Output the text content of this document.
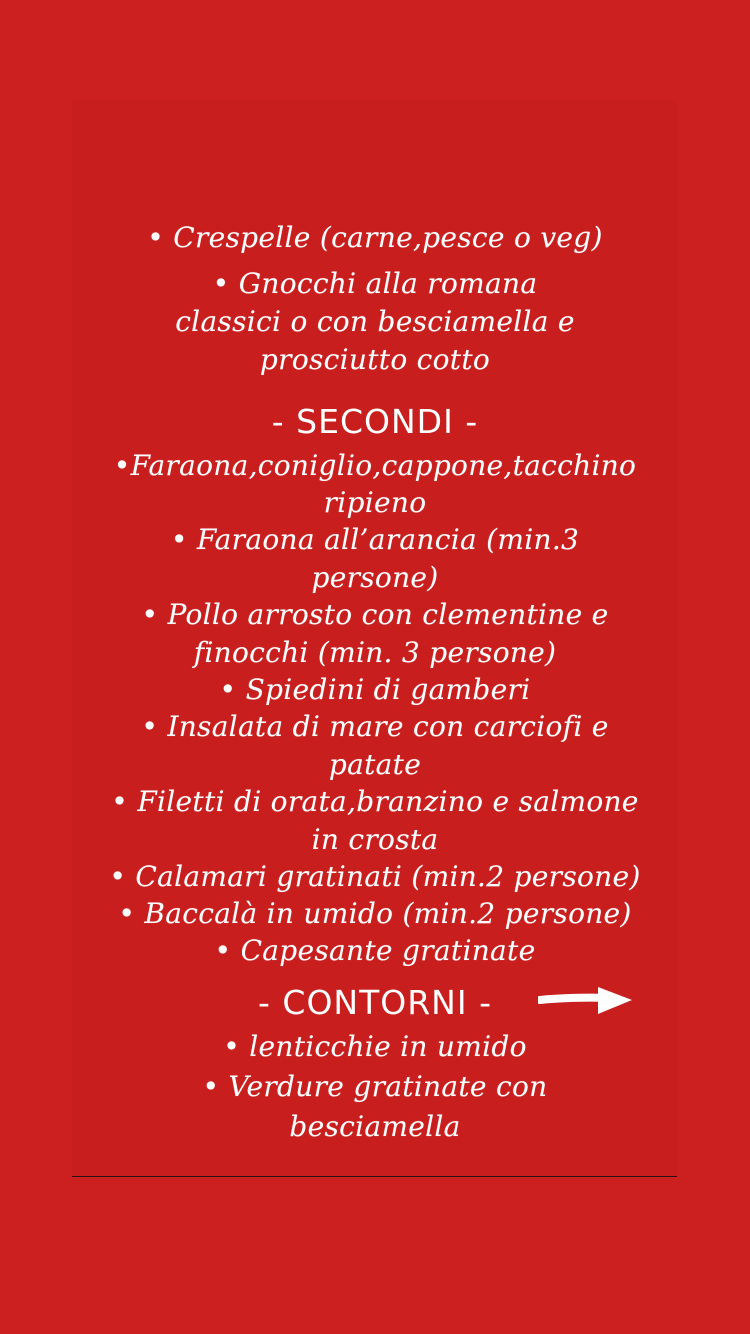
• Crespelle (carne,pesce o veg)
• Gnocchi alla romana
classici o con besciamella e
prosciutto cotto
- SECONDI -
•Faraona,coniglio,cappone,tacchino
ripieno
• Faraona all’arancia (min.3
persone)
• Pollo arrosto con clementine e
finocchi (min. 3 persone)
• Spiedini di gamberi
• Insalata di mare con carciofi e
patate
• Filetti di orata,branzino e salmone
in crosta
• Calamari gratinati (min.2 persone)
• Baccalà in umido (min.2 persone)
• Capesante gratinate
- CONTORNI -
• lenticchie in umido
• Verdure gratinate con
besciamella
